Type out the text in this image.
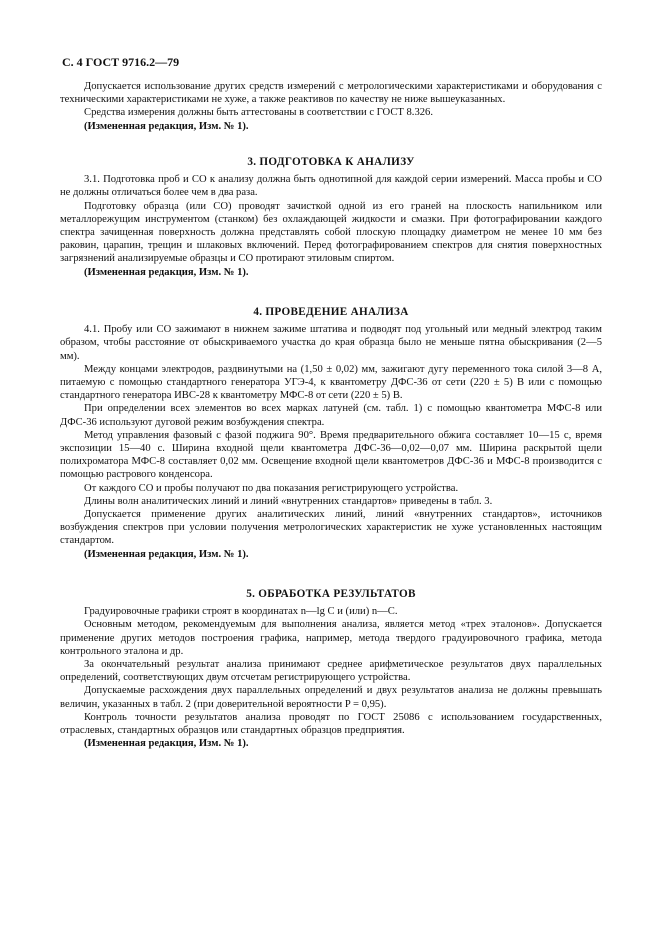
С. 4 ГОСТ 9716.2—79

Допускается использование других средств измерений с метрологическими характеристиками и оборудования с техническими характеристиками не хуже, а также реактивов по качеству не ниже вышеуказанных.

Средства измерения должны быть аттестованы в соответствии с ГОСТ 8.326.

(Измененная редакция, Изм. № 1).

3. ПОДГОТОВКА К АНАЛИЗУ

3.1. Подготовка проб и СО к анализу должна быть однотипной для каждой серии измерений. Масса пробы и СО не должны отличаться более чем в два раза.

Подготовку образца (или СО) проводят зачисткой одной из его граней на плоскость напильником или металлорежущим инструментом (станком) без охлаждающей жидкости и смазки. При фотографировании каждого спектра зачищенная поверхность должна представлять собой плоскую площадку диаметром не менее 10 мм без раковин, царапин, трещин и шлаковых включений. Перед фотографированием спектров для снятия поверхностных загрязнений анализируемые образцы и СО протирают этиловым спиртом.

(Измененная редакция, Изм. № 1).

4. ПРОВЕДЕНИЕ АНАЛИЗА

4.1. Пробу или СО зажимают в нижнем зажиме штатива и подводят под угольный или медный электрод таким образом, чтобы расстояние от обыскриваемого участка до края образца было не меньше пятна обыскривания (2—5 мм).

Между концами электродов, раздвинутыми на (1,50 ± 0,02) мм, зажигают дугу переменного тока силой 3—8 А, питаемую с помощью стандартного генератора УГЭ-4, к квантометру ДФС-36 от сети (220 ± 5) В или с помощью стандартного генератора ИВС-28 к квантометру МФС-8 от сети (220 ± 5) В.

При определении всех элементов во всех марках латуней (см. табл. 1) с помощью квантометра МФС-8 или ДФС-36 используют дуговой режим возбуждения спектра.

Метод управления фазовый с фазой поджига 90°. Время предварительного обжига составляет 10—15 с, время экспозиции 15—40 с. Ширина входной щели квантометра ДФС-36—0,02—0,07 мм. Ширина раскрытой щели полихроматора МФС-8 составляет 0,02 мм. Освещение входной щели квантометров ДФС-36 и МФС-8 производится с помощью растрового конденсора.

От каждого СО и пробы получают по два показания регистрирующего устройства.

Длины волн аналитических линий и линий «внутренних стандартов» приведены в табл. 3.

Допускается применение других аналитических линий, линий «внутренних стандартов», источников возбуждения спектров при условии получения метрологических характеристик не хуже установленных настоящим стандартом.

(Измененная редакция, Изм. № 1).

5. ОБРАБОТКА РЕЗУЛЬТАТОВ

Градуировочные графики строят в координатах n—lg C и (или) n—C.

Основным методом, рекомендуемым для выполнения анализа, является метод «трех эталонов». Допускается применение других методов построения графика, например, метода твердого градуировочного графика, метода контрольного эталона и др.

За окончательный результат анализа принимают среднее арифметическое результатов двух параллельных определений, соответствующих двум отсчетам регистрирующего устройства.

Допускаемые расхождения двух параллельных определений и двух результатов анализа не должны превышать величин, указанных в табл. 2 (при доверительной вероятности P = 0,95).

Контроль точности результатов анализа проводят по ГОСТ 25086 с использованием государственных, отраслевых, стандартных образцов или стандартных образцов предприятия.

(Измененная редакция, Изм. № 1).
